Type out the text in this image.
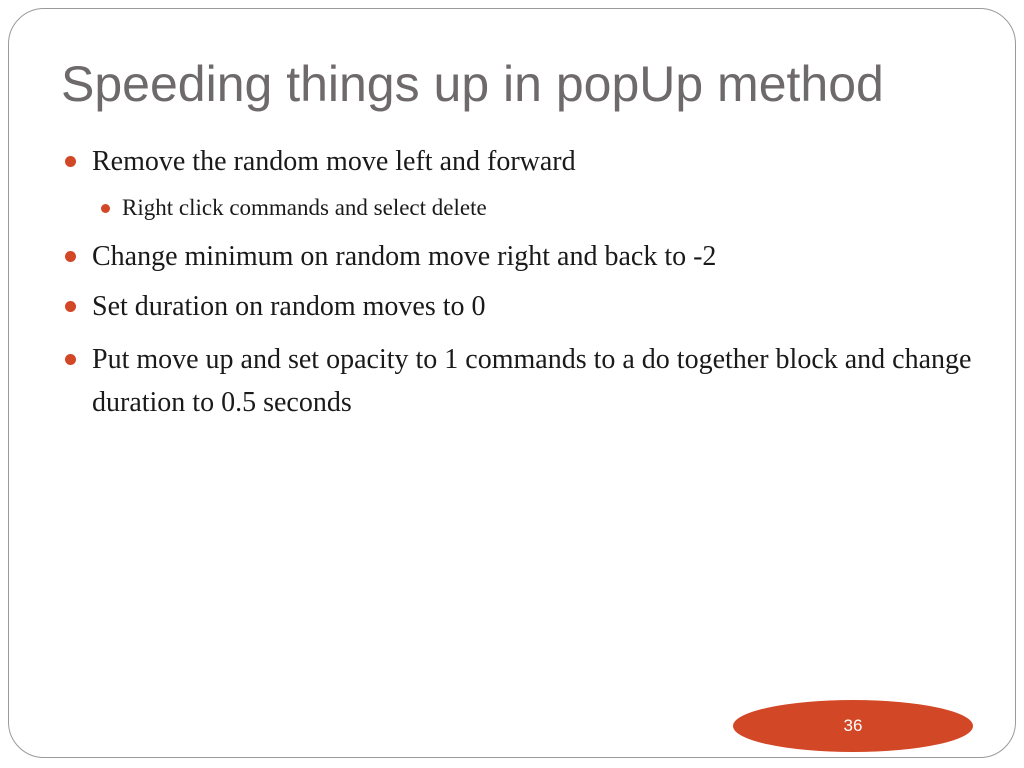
Speeding things up in popUp method
Remove the random move left and forward
Right click commands and select delete
Change minimum on random move right and back to -2
Set duration on random moves to 0
Put move up and set opacity to 1 commands to a do together block and change duration to 0.5 seconds
36
